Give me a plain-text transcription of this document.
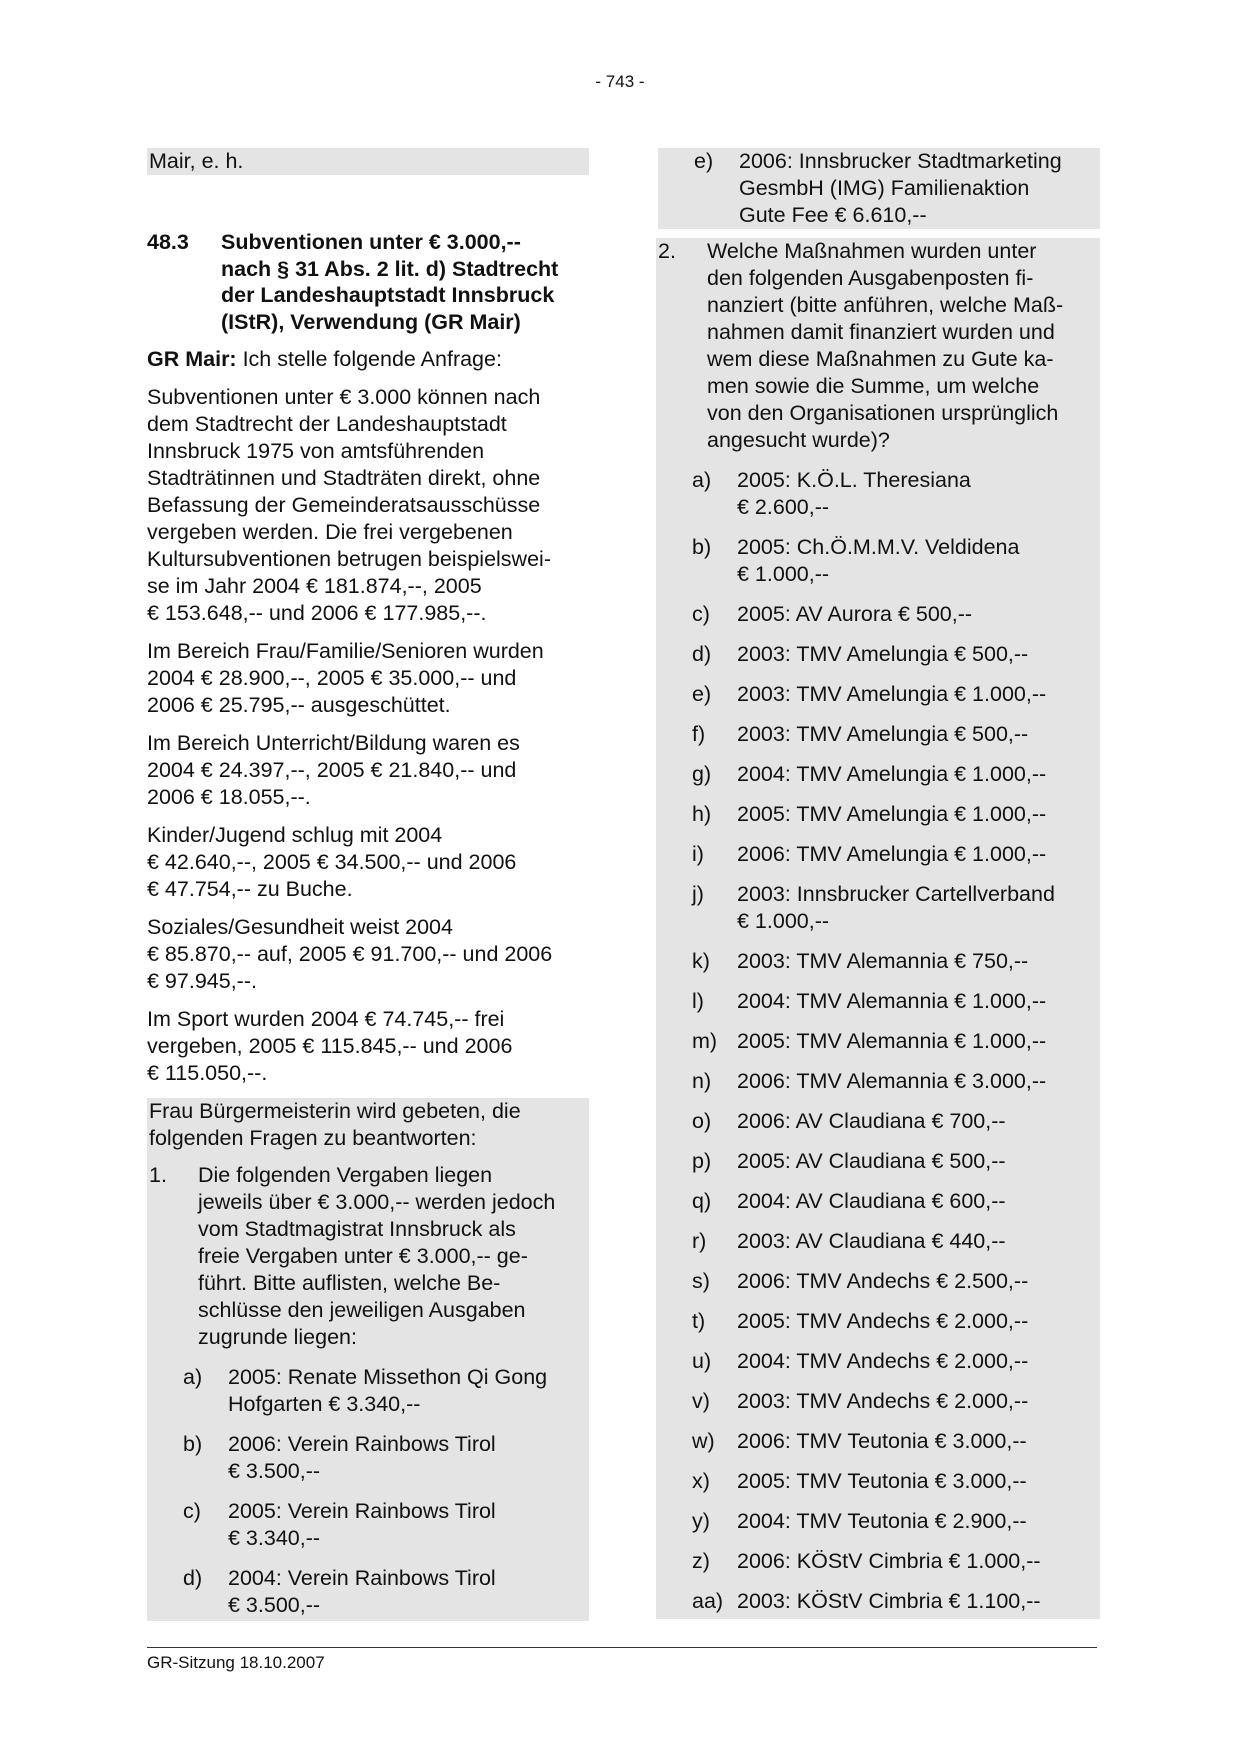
- 743 -
Mair, e. h.
48.3	Subventionen unter € 3.000,--
nach § 31 Abs. 2 lit. d) Stadtrecht
der Landeshauptstadt Innsbruck
(IStR), Verwendung (GR Mair)
GR Mair: Ich stelle folgende Anfrage:
Subventionen unter € 3.000 können nach
dem Stadtrecht der Landeshauptstadt
Innsbruck 1975 von amtsführenden
Stadträtinnen und Stadträten direkt, ohne
Befassung der Gemeinderatsausschüsse
vergeben werden. Die frei vergebenen
Kultursubventionen betrugen beispielswei-
se im Jahr 2004 € 181.874,--, 2005
€ 153.648,-- und 2006 € 177.985,--.
Im Bereich Frau/Familie/Senioren wurden
2004 € 28.900,--, 2005 € 35.000,-- und
2006 € 25.795,-- ausgeschüttet.
Im Bereich Unterricht/Bildung waren es
2004 € 24.397,--, 2005 € 21.840,-- und
2006 € 18.055,--.
Kinder/Jugend schlug mit 2004
€ 42.640,--, 2005 € 34.500,-- und 2006
€ 47.754,-- zu Buche.
Soziales/Gesundheit weist 2004
€ 85.870,-- auf, 2005 € 91.700,-- und 2006
€ 97.945,--.
Im Sport wurden 2004 € 74.745,-- frei
vergeben, 2005 € 115.845,-- und 2006
€ 115.050,--.
Frau Bürgermeisterin wird gebeten, die
folgenden Fragen zu beantworten:
1.	Die folgenden Vergaben liegen
jeweils über € 3.000,-- werden jedoch
vom Stadtmagistrat Innsbruck als
freie Vergaben unter € 3.000,-- ge-
führt. Bitte auflisten, welche Be-
schlüsse den jeweiligen Ausgaben
zugrunde liegen:
a)	2005: Renate Missethon Qi Gong
Hofgarten € 3.340,--
b)	2006: Verein Rainbows Tirol
€ 3.500,--
c)	2005: Verein Rainbows Tirol
€ 3.340,--
d)	2004: Verein Rainbows Tirol
€ 3.500,--
e)	2006: Innsbrucker Stadtmarketing
GesmbH (IMG) Familienaktion
Gute Fee € 6.610,--
2.	Welche Maßnahmen wurden unter
den folgenden Ausgabenposten fi-
nanziert (bitte anführen, welche Maß-
nahmen damit finanziert wurden und
wem diese Maßnahmen zu Gute ka-
men sowie die Summe, um welche
von den Organisationen ursprünglich
angesucht wurde)?
a)	2005: K.Ö.L. Theresiana
€ 2.600,--
b)	2005: Ch.Ö.M.M.V. Veldidena
€ 1.000,--
c)	2005: AV Aurora € 500,--
d)	2003: TMV Amelungia € 500,--
e)	2003: TMV Amelungia € 1.000,--
f)	2003: TMV Amelungia € 500,--
g)	2004: TMV Amelungia € 1.000,--
h)	2005: TMV Amelungia € 1.000,--
i)	2006: TMV Amelungia € 1.000,--
j)	2003: Innsbrucker Cartellverband
€ 1.000,--
k)	2003: TMV Alemannia € 750,--
l)	2004: TMV Alemannia € 1.000,--
m) 2005: TMV Alemannia € 1.000,--
n)	2006: TMV Alemannia € 3.000,--
o)	2006: AV Claudiana € 700,--
p)	2005: AV Claudiana € 500,--
q)	2004: AV Claudiana € 600,--
r)	2003: AV Claudiana € 440,--
s)	2006: TMV Andechs € 2.500,--
t)	2005: TMV Andechs € 2.000,--
u)	2004: TMV Andechs € 2.000,--
v)	2003: TMV Andechs € 2.000,--
w)	2006: TMV Teutonia € 3.000,--
x)	2005: TMV Teutonia € 3.000,--
y)	2004: TMV Teutonia € 2.900,--
z)	2006: KÖStV Cimbria € 1.000,--
aa) 2003: KÖStV Cimbria € 1.100,--
GR-Sitzung 18.10.2007
